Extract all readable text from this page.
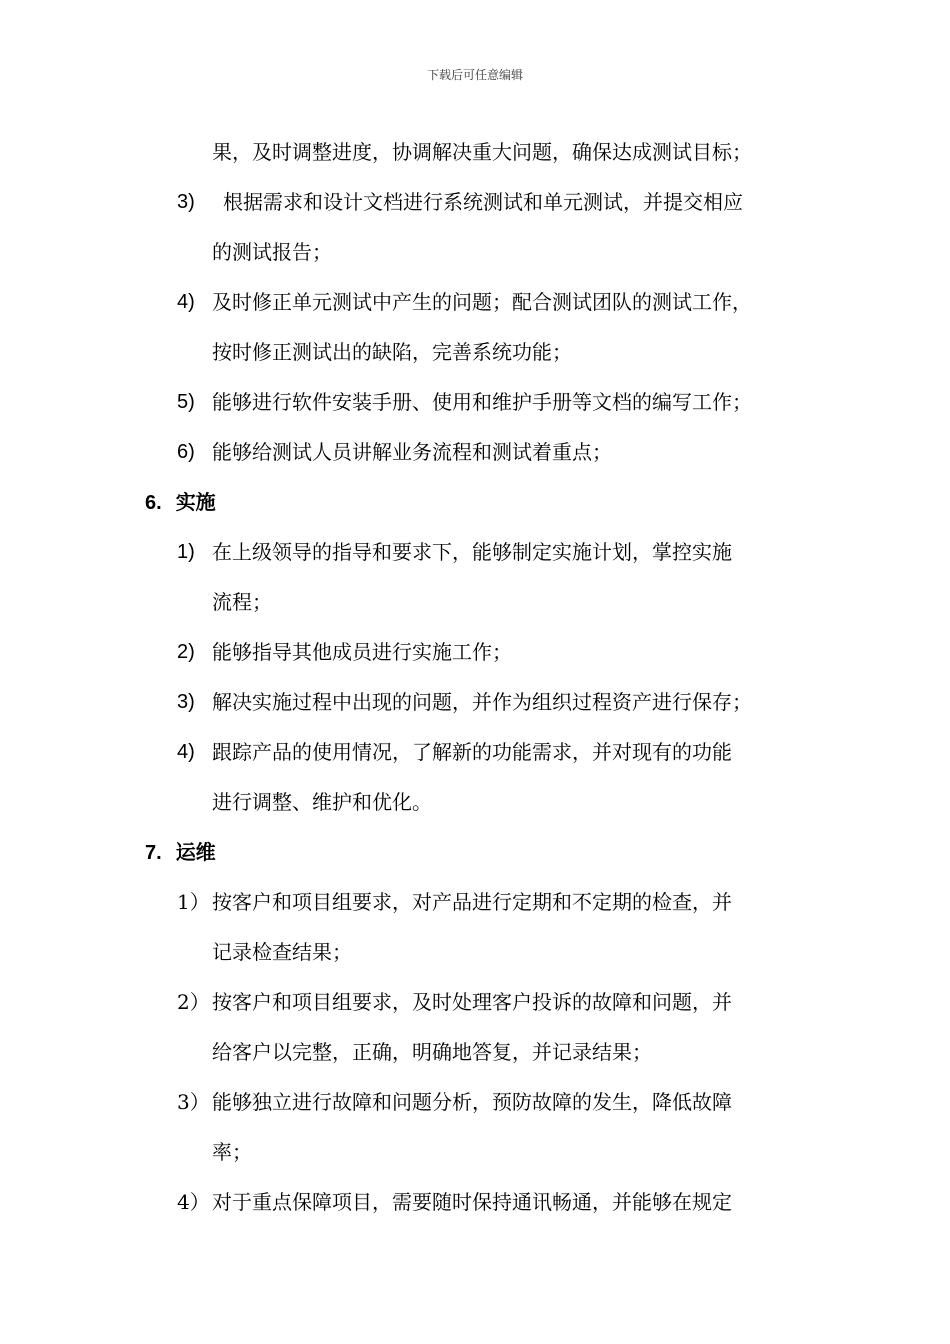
下载后可任意编辑
果，及时调整进度，协调解决重大问题，确保达成测试目标；
3) 根据需求和设计文档进行系统测试和单元测试，并提交相应
的测试报告；
4) 及时修正单元测试中产生的问题；配合测试团队的测试工作，
按时修正测试出的缺陷，完善系统功能；
5) 能够进行软件安装手册、使用和维护手册等文档的编写工作；
6) 能够给测试人员讲解业务流程和测试着重点；
6. 实施
1) 在上级领导的指导和要求下，能够制定实施计划，掌控实施
流程；
2) 能够指导其他成员进行实施工作；
3) 解决实施过程中出现的问题，并作为组织过程资产进行保存；
4) 跟踪产品的使用情况，了解新的功能需求，并对现有的功能
进行调整、维护和优化。
7. 运维
1） 按客户和项目组要求，对产品进行定期和不定期的检查，并
记录检查结果；
2） 按客户和项目组要求，及时处理客户投诉的故障和问题，并
给客户以完整，正确，明确地答复，并记录结果；
3） 能够独立进行故障和问题分析，预防故障的发生，降低故障
率；
4） 对于重点保障项目，需要随时保持通讯畅通，并能够在规定
